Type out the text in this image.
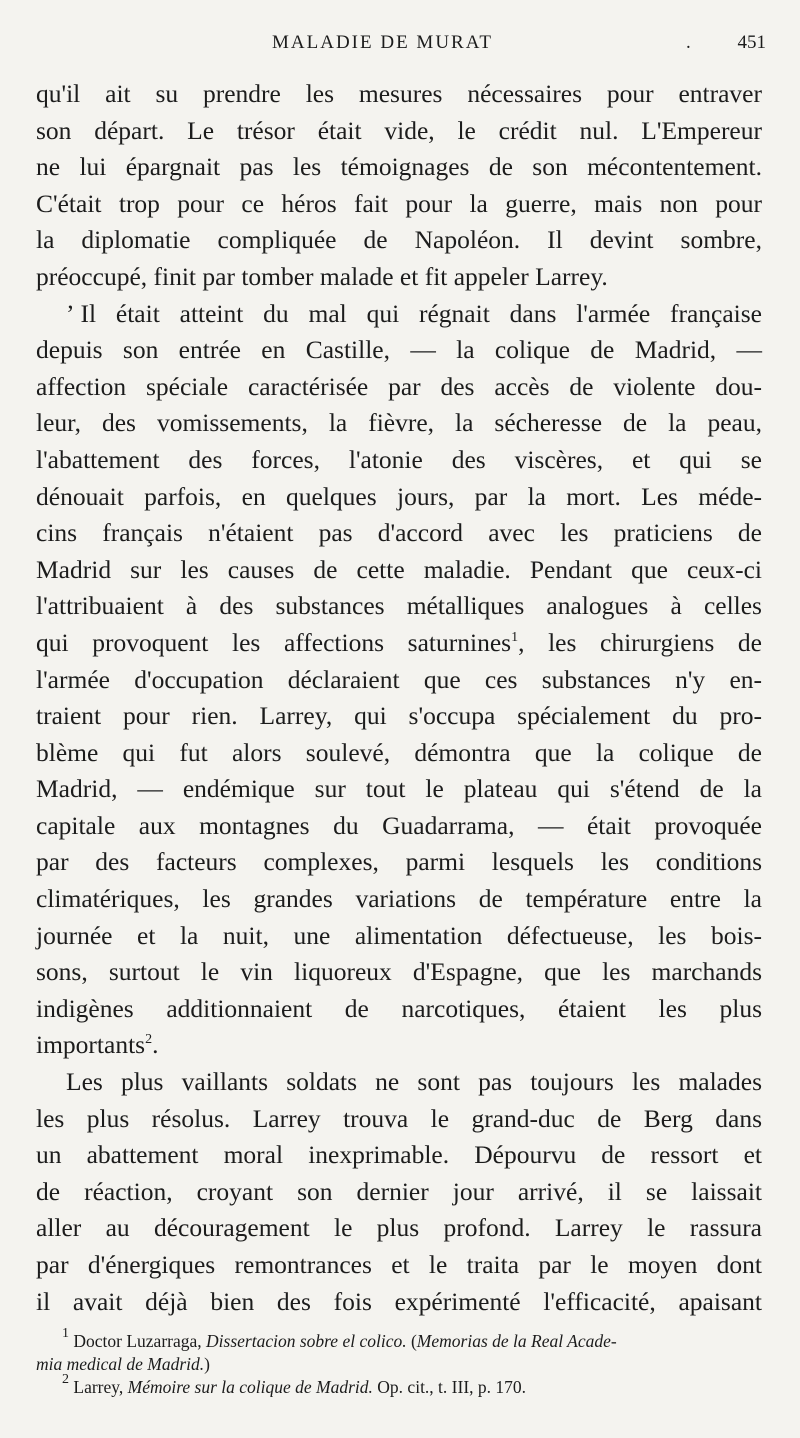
MALADIE DE MURAT	. 451
qu'il ait su prendre les mesures nécessaires pour entraver
son départ. Le trésor était vide, le crédit nul. L'Empereur
ne lui épargnait pas les témoignages de son mécontentement.
C'était trop pour ce héros fait pour la guerre, mais non pour
la diplomatie compliquée de Napoléon. Il devint sombre,
préoccupé, finit par tomber malade et fit appeler Larrey.
’ Il était atteint du mal qui régnait dans l'armée française
depuis son entrée en Castille, — la colique de Madrid, —
affection spéciale caractérisée par des accès de violente dou-
leur, des vomissements, la fièvre, la sécheresse de la peau,
l'abattement des forces, l'atonie des viscères, et qui se
dénouait parfois, en quelques jours, par la mort. Les méde-
cins français n'étaient pas d'accord avec les praticiens de
Madrid sur les causes de cette maladie. Pendant que ceux-ci
l'attribuaient à des substances métalliques analogues à celles
qui provoquent les affections saturnines$^1$, les chirurgiens de
l'armée d'occupation déclaraient que ces substances n'y en-
traient pour rien. Larrey, qui s'occupa spécialement du pro-
blème qui fut alors soulevé, démontra que la colique de
Madrid, — endémique sur tout le plateau qui s'étend de la
capitale aux montagnes du Guadarrama, — était provoquée
par des facteurs complexes, parmi lesquels les conditions
climatériques, les grandes variations de température entre la
journée et la nuit, une alimentation défectueuse, les bois-
sons, surtout le vin liquoreux d'Espagne, que les marchands
indigènes additionnaient de narcotiques, étaient les plus
importants$^2$.
Les plus vaillants soldats ne sont pas toujours les malades
les plus résolus. Larrey trouva le grand-duc de Berg dans
un abattement moral inexprimable. Dépourvu de ressort et
de réaction, croyant son dernier jour arrivé, il se laissait
aller au découragement le plus profond. Larrey le rassura
par d'énergiques remontrances et le traita par le moyen dont
il avait déjà bien des fois expérimenté l'efficacité, apaisant
$^1$ Doctor Luzarraga, Dissertacion sobre el colico. (Memorias de la Real Acade-
mia medical de Madrid.)
$^2$ Larrey, Mémoire sur la colique de Madrid. Op. cit., t. III, p. 170.
